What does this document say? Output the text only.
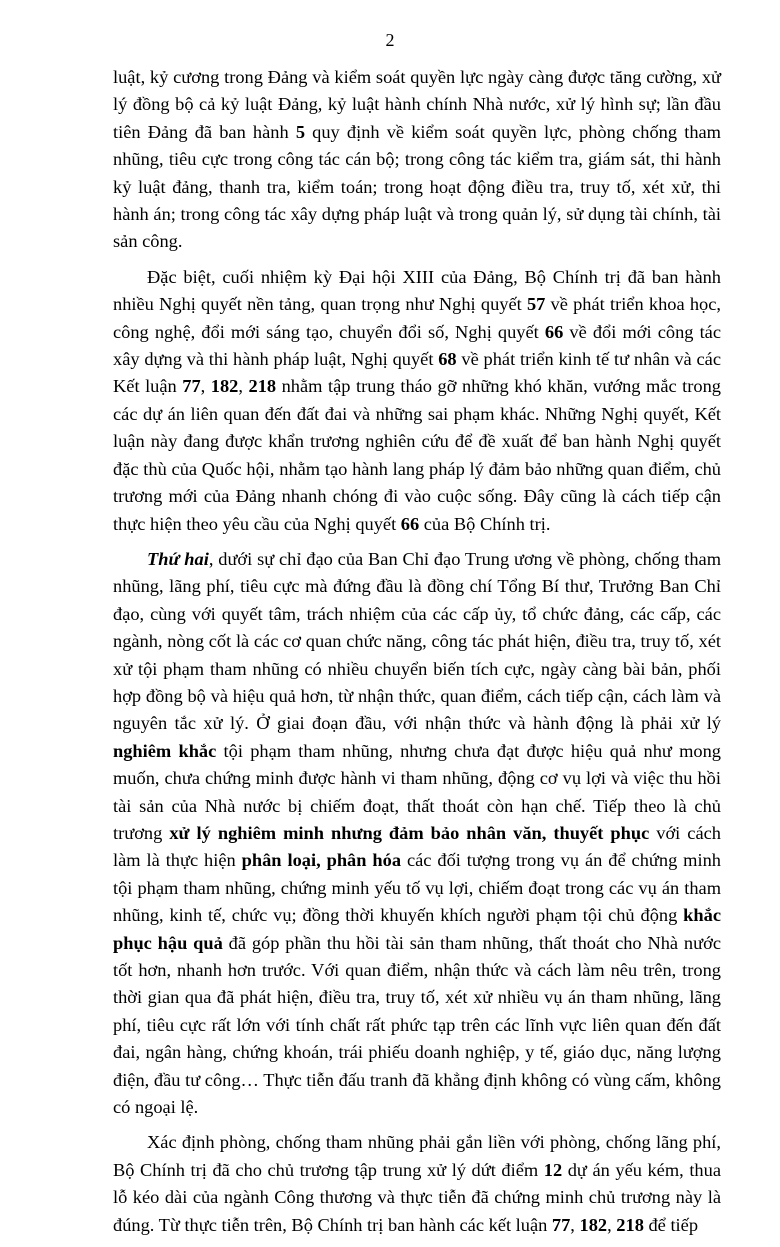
2

luật, kỷ cương trong Đảng và kiểm soát quyền lực ngày càng được tăng cường, xử lý đồng bộ cả kỷ luật Đảng, kỷ luật hành chính Nhà nước, xử lý hình sự; lần đầu tiên Đảng đã ban hành 5 quy định về kiểm soát quyền lực, phòng chống tham nhũng, tiêu cực trong công tác cán bộ; trong công tác kiểm tra, giám sát, thi hành kỷ luật đảng, thanh tra, kiểm toán; trong hoạt động điều tra, truy tố, xét xử, thi hành án; trong công tác xây dựng pháp luật và trong quản lý, sử dụng tài chính, tài sản công.

Đặc biệt, cuối nhiệm kỳ Đại hội XIII của Đảng, Bộ Chính trị đã ban hành nhiều Nghị quyết nền tảng, quan trọng như Nghị quyết 57 về phát triển khoa học, công nghệ, đổi mới sáng tạo, chuyển đổi số, Nghị quyết 66 về đổi mới công tác xây dựng và thi hành pháp luật, Nghị quyết 68 về phát triển kinh tế tư nhân và các Kết luận 77, 182, 218 nhằm tập trung tháo gỡ những khó khăn, vướng mắc trong các dự án liên quan đến đất đai và những sai phạm khác. Những Nghị quyết, Kết luận này đang được khẩn trương nghiên cứu để đề xuất để ban hành Nghị quyết đặc thù của Quốc hội, nhằm tạo hành lang pháp lý đảm bảo những quan điểm, chủ trương mới của Đảng nhanh chóng đi vào cuộc sống. Đây cũng là cách tiếp cận thực hiện theo yêu cầu của Nghị quyết 66 của Bộ Chính trị.

Thứ hai, dưới sự chỉ đạo của Ban Chỉ đạo Trung ương về phòng, chống tham nhũng, lãng phí, tiêu cực mà đứng đầu là đồng chí Tổng Bí thư, Trưởng Ban Chỉ đạo, cùng với quyết tâm, trách nhiệm của các cấp ủy, tổ chức đảng, các cấp, các ngành, nòng cốt là các cơ quan chức năng, công tác phát hiện, điều tra, truy tố, xét xử tội phạm tham nhũng có nhiều chuyển biến tích cực, ngày càng bài bản, phối hợp đồng bộ và hiệu quả hơn, từ nhận thức, quan điểm, cách tiếp cận, cách làm và nguyên tắc xử lý. Ở giai đoạn đầu, với nhận thức và hành động là phải xử lý nghiêm khắc tội phạm tham nhũng, nhưng chưa đạt được hiệu quả như mong muốn, chưa chứng minh được hành vi tham nhũng, động cơ vụ lợi và việc thu hồi tài sản của Nhà nước bị chiếm đoạt, thất thoát còn hạn chế. Tiếp theo là chủ trương xử lý nghiêm minh nhưng đảm bảo nhân văn, thuyết phục với cách làm là thực hiện phân loại, phân hóa các đối tượng trong vụ án để chứng minh tội phạm tham nhũng, chứng minh yếu tố vụ lợi, chiếm đoạt trong các vụ án tham nhũng, kinh tế, chức vụ; đồng thời khuyến khích người phạm tội chủ động khắc phục hậu quả đã góp phần thu hồi tài sản tham nhũng, thất thoát cho Nhà nước tốt hơn, nhanh hơn trước. Với quan điểm, nhận thức và cách làm nêu trên, trong thời gian qua đã phát hiện, điều tra, truy tố, xét xử nhiều vụ án tham nhũng, lãng phí, tiêu cực rất lớn với tính chất rất phức tạp trên các lĩnh vực liên quan đến đất đai, ngân hàng, chứng khoán, trái phiếu doanh nghiệp, y tế, giáo dục, năng lượng điện, đầu tư công… Thực tiễn đấu tranh đã khẳng định không có vùng cấm, không có ngoại lệ.

Xác định phòng, chống tham nhũng phải gắn liền với phòng, chống lãng phí, Bộ Chính trị đã cho chủ trương tập trung xử lý dứt điểm 12 dự án yếu kém, thua lỗ kéo dài của ngành Công thương và thực tiễn đã chứng minh chủ trương này là đúng. Từ thực tiễn trên, Bộ Chính trị ban hành các kết luận 77, 182, 218 để tiếp
